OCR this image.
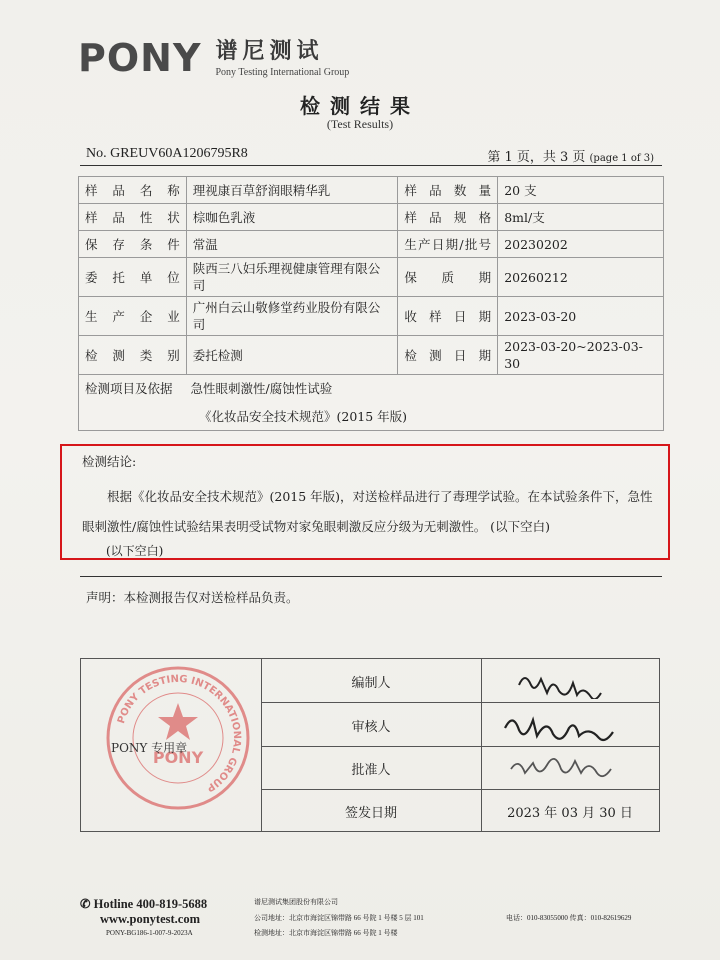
PONY 谱尼测试
Pony Testing International Group
检测结果
(Test Results)
No. GREUV60A1206795R8	第 1 页，共 3 页 (page 1 of 3)
样品名称	理视康百草舒润眼精华乳	样品数量	20 支
样品性状	棕咖色乳液	样品规格	8ml/支
保存条件	常温	生产日期/批号	20230202
委托单位	陕西三八妇乐理视健康管理有限公司	保质期	20260212
生产企业	广州白云山敬修堂药业股份有限公司	收样日期	2023-03-20
检测类别	委托检测	检测日期	2023-03-20~2023-03-30
检测项目及依据 急性眼刺激性/腐蚀性试验			
《化妆品安全技术规范》(2015 年版)			
检测结论:
根据《化妆品安全技术规范》(2015 年版)，对送检样品进行了毒理学试验。在本试验条件下，急性眼刺激性/腐蚀性试验结果表明受试物对家兔眼刺激反应分级为无刺激性。 (以下空白)
(以下空白)
声明：本检测报告仅对送检样品负责。
PONY TESTING INTERNATIONAL GROUP
PONY
PONY 专用章
编制人
审核人
批准人
签发日期	2023 年 03 月 30 日
✆ Hotline 400-819-5688
www.ponytest.com
PONY-BG186-1-007-9-2023A
谱尼测试集团股份有限公司
公司地址：北京市海淀区锦带路 66 号院 1 号楼 5 层 101
检测地址：北京市海淀区锦带路 66 号院 1 号楼
电话：010-83055000 传真：010-82619629
